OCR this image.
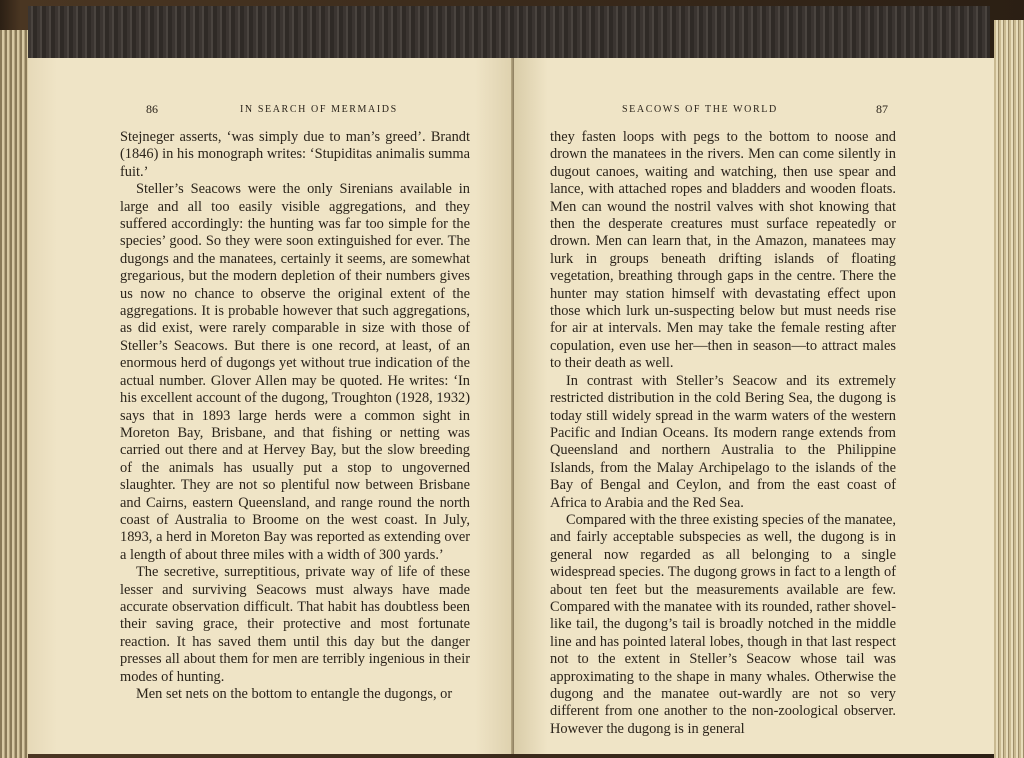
86	IN SEARCH OF MERMAIDS

Stejneger asserts, ‘was simply due to man’s greed’. Brandt (1846) in his monograph writes: ‘Stupiditas animalis summa fuit.’

Steller’s Seacows were the only Sirenians available in large and all too easily visible aggregations, and they suffered accordingly: the hunting was far too simple for the species’ good. So they were soon extinguished for ever. The dugongs and the manatees, certainly it seems, are somewhat gregarious, but the modern depletion of their numbers gives us now no chance to observe the original extent of the aggregations. It is probable however that such aggregations, as did exist, were rarely comparable in size with those of Steller’s Seacows. But there is one record, at least, of an enormous herd of dugongs yet without true indication of the actual number. Glover Allen may be quoted. He writes: ‘In his excellent account of the dugong, Troughton (1928, 1932) says that in 1893 large herds were a common sight in Moreton Bay, Brisbane, and that fishing or netting was carried out there and at Hervey Bay, but the slow breeding of the animals has usually put a stop to ungoverned slaughter. They are not so plentiful now between Brisbane and Cairns, eastern Queensland, and range round the north coast of Australia to Broome on the west coast. In July, 1893, a herd in Moreton Bay was reported as extending over a length of about three miles with a width of 300 yards.’

The secretive, surreptitious, private way of life of these lesser and surviving Seacows must always have made accurate observation difficult. That habit has doubtless been their saving grace, their protective and most fortunate reaction. It has saved them until this day but the danger presses all about them for men are terribly ingenious in their modes of hunting.

Men set nets on the bottom to entangle the dugongs, or

SEACOWS OF THE WORLD	87

they fasten loops with pegs to the bottom to noose and drown the manatees in the rivers. Men can come silently in dugout canoes, waiting and watching, then use spear and lance, with attached ropes and bladders and wooden floats. Men can wound the nostril valves with shot knowing that then the desperate creatures must surface repeatedly or drown. Men can learn that, in the Amazon, manatees may lurk in groups beneath drifting islands of floating vegetation, breathing through gaps in the centre. There the hunter may station himself with devastating effect upon those which lurk un-suspecting below but must needs rise for air at intervals. Men may take the female resting after copulation, even use her—then in season—to attract males to their death as well.

In contrast with Steller’s Seacow and its extremely restricted distribution in the cold Bering Sea, the dugong is today still widely spread in the warm waters of the western Pacific and Indian Oceans. Its modern range extends from Queensland and northern Australia to the Philippine Islands, from the Malay Archipelago to the islands of the Bay of Bengal and Ceylon, and from the east coast of Africa to Arabia and the Red Sea.

Compared with the three existing species of the manatee, and fairly acceptable subspecies as well, the dugong is in general now regarded as all belonging to a single widespread species. The dugong grows in fact to a length of about ten feet but the measurements available are few. Compared with the manatee with its rounded, rather shovel-like tail, the dugong’s tail is broadly notched in the middle line and has pointed lateral lobes, though in that last respect not to the extent in Steller’s Seacow whose tail was approximating to the shape in many whales. Otherwise the dugong and the manatee out-wardly are not so very different from one another to the non-zoological observer. However the dugong is in general
